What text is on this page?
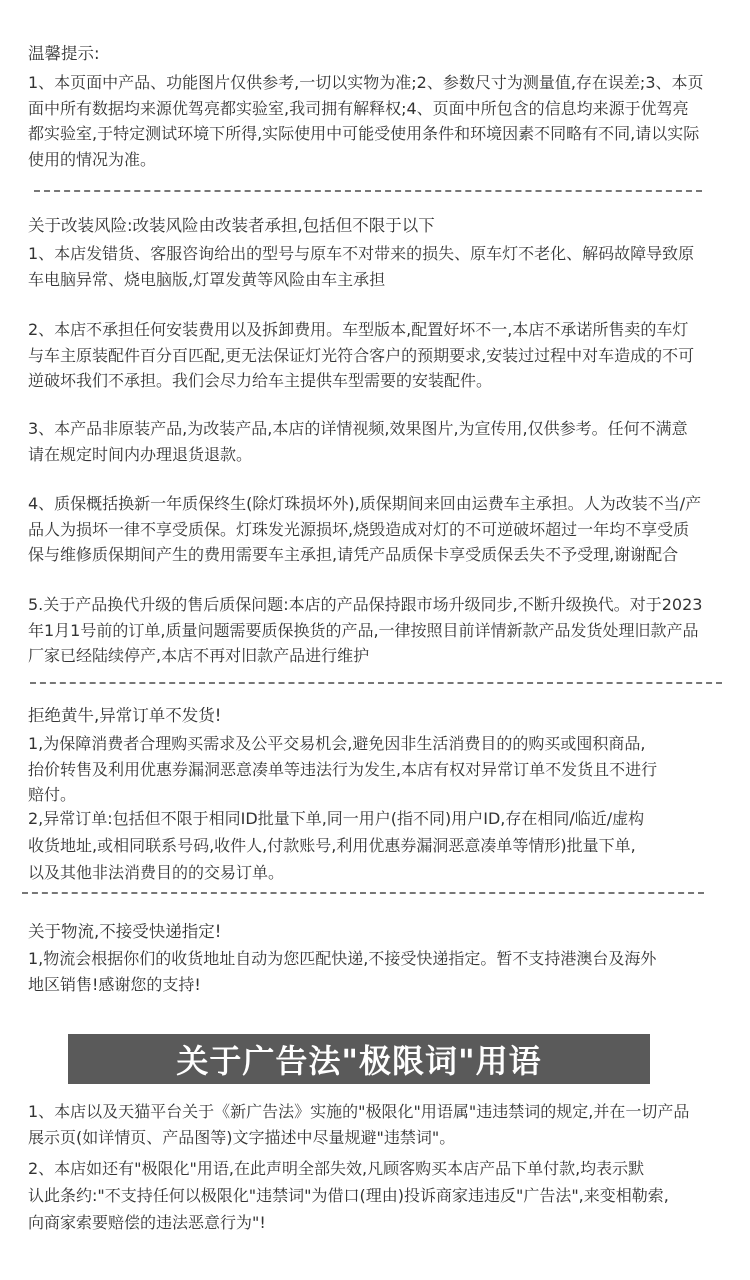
温馨提示:
1、本页面中产品、功能图片仅供参考,一切以实物为准;2、参数尺寸为测量值,存在误差;3、本页
面中所有数据均来源优驾亮都实验室,我司拥有解释权;4、页面中所包含的信息均来源于优驾亮
都实验室,于特定测试环境下所得,实际使用中可能受使用条件和环境因素不同略有不同,请以实际
使用的情况为准。
关于改装风险:改装风险由改装者承担,包括但不限于以下
1、本店发错货、客服咨询给出的型号与原车不对带来的损失、原车灯不老化、解码故障导致原
车电脑异常、烧电脑版,灯罩发黄等风险由车主承担
2、本店不承担任何安装费用以及拆卸费用。车型版本,配置好坏不一,本店不承诺所售卖的车灯
与车主原装配件百分百匹配,更无法保证灯光符合客户的预期要求,安装过过程中对车造成的不可
逆破坏我们不承担。我们会尽力给车主提供车型需要的安装配件。
3、本产品非原装产品,为改装产品,本店的详情视频,效果图片,为宣传用,仅供参考。任何不满意
请在规定时间内办理退货退款。
4、质保概括换新一年质保终生(除灯珠损坏外),质保期间来回由运费车主承担。人为改装不当/产
品人为损坏一律不享受质保。灯珠发光源损坏,烧毁造成对灯的不可逆破坏超过一年均不享受质
保与维修质保期间产生的费用需要车主承担,请凭产品质保卡享受质保丢失不予受理,谢谢配合
5.关于产品换代升级的售后质保问题:本店的产品保持跟市场升级同步,不断升级换代。对于2023
年1月1号前的订单,质量问题需要质保换货的产品,一律按照目前详情新款产品发货处理旧款产品
厂家已经陆续停产,本店不再对旧款产品进行维护
拒绝黄牛,异常订单不发货!
1,为保障消费者合理购买需求及公平交易机会,避免因非生活消费目的的购买或囤积商品,
抬价转售及利用优惠券漏洞恶意凑单等违法行为发生,本店有权对异常订单不发货且不进行
赔付。
2,异常订单:包括但不限于相同ID批量下单,同一用户(指不同)用户ID,存在相同/临近/虚构
收货地址,或相同联系号码,收件人,付款账号,利用优惠券漏洞恶意凑单等情形)批量下单,
以及其他非法消费目的的交易订单。
关于物流,不接受快递指定!
1,物流会根据你们的收货地址自动为您匹配快递,不接受快递指定。暂不支持港澳台及海外
地区销售!感谢您的支持!
关于广告法"极限词"用语
1、本店以及天猫平台关于《新广告法》实施的"极限化"用语属"违违禁词的规定,并在一切产品
展示页(如详情页、产品图等)文字描述中尽量规避"违禁词"。
2、本店如还有"极限化"用语,在此声明全部失效,凡顾客购买本店产品下单付款,均表示默
认此条约:"不支持任何以极限化"违禁词"为借口(理由)投诉商家违违反"广告法",来变相勒索,
向商家索要赔偿的违法恶意行为"!
